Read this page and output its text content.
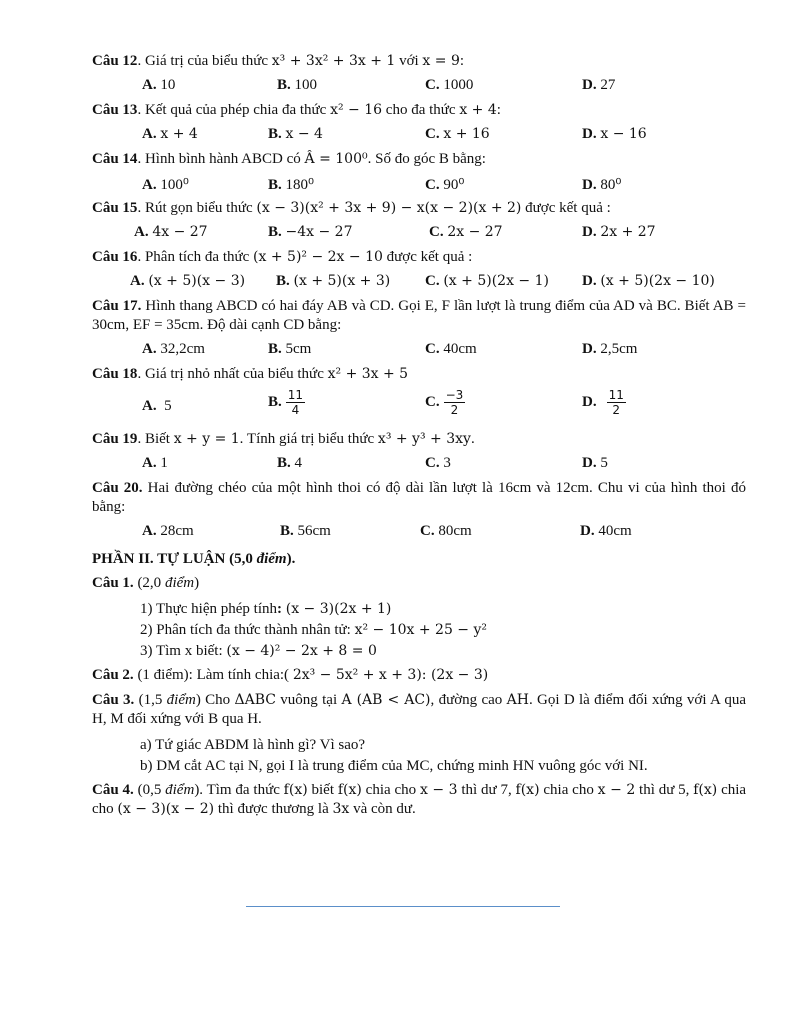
Câu 12. Giá trị của biểu thức x³ + 3x² + 3x + 1 với x = 9:
A. 10	B. 100	C. 1000	D. 27
Câu 13. Kết quả của phép chia đa thức x² − 16 cho đa thức x + 4:
A. x + 4	B. x − 4	C. x + 16	D. x − 16
Câu 14. Hình bình hành ABCD có Â = 100⁰. Số đo góc B bằng:
A. 100⁰	B. 180⁰	C. 90⁰	D. 80⁰
Câu 15. Rút gọn biểu thức (x − 3)(x² + 3x + 9) − x(x − 2)(x + 2) được kết quả :
A. 4x − 27	B. −4x − 27	C. 2x − 27	D. 2x + 27
Câu 16. Phân tích đa thức (x + 5)² − 2x − 10 được kết quả :
A. (x + 5)(x − 3) B. (x + 5)(x + 3) C. (x + 5)(2x − 1) D. (x + 5)(2x − 10)
Câu 17. Hình thang ABCD có hai đáy AB và CD. Gọi E, F lần lượt là trung điểm của AD và BC. Biết AB = 30cm, EF = 35cm. Độ dài cạnh CD bằng:
A. 32,2cm	B. 5cm	C. 40cm	D. 2,5cm
Câu 18. Giá trị nhỏ nhất của biểu thức x² + 3x + 5
A.
5	B. 11
4	C. −3
2	D. 11
2
Câu 19. Biết x + y = 1. Tính giá trị biểu thức x³ + y³ + 3xy.
A. 1	B. 4	C. 3	D. 5
Câu 20. Hai đường chéo của một hình thoi có độ dài lần lượt là 16cm và 12cm. Chu vi của hình thoi đó bằng:
A. 28cm	B. 56cm	C. 80cm	D. 40cm
PHẦN II. TỰ LUẬN (5,0 điểm).
Câu 1. (2,0 điểm)
1) Thực hiện phép tính: (x − 3)(2x + 1)
2) Phân tích đa thức thành nhân tử: x² − 10x + 25 − y²
3) Tìm x biết: (x − 4)² − 2x + 8 = 0
Câu 2. (1 điểm): Làm tính chia:( 2x³ − 5x² + x + 3): (2x − 3)
Câu 3. (1,5 điểm) Cho ΔABC vuông tại A (AB < AC), đường cao AH. Gọi D là điểm đối xứng với A qua H, M đối xứng với B qua H.
a) Tứ giác ABDM là hình gì? Vì sao?
b) DM cắt AC tại N, gọi I là trung điểm của MC, chứng minh HN vuông góc với NI.
Câu 4. (0,5 điểm). Tìm đa thức f(x) biết f(x) chia cho x − 3 thì dư 7, f(x) chia cho x − 2 thì dư 5, f(x) chia cho (x − 3)(x − 2) thì được thương là 3x và còn dư.
